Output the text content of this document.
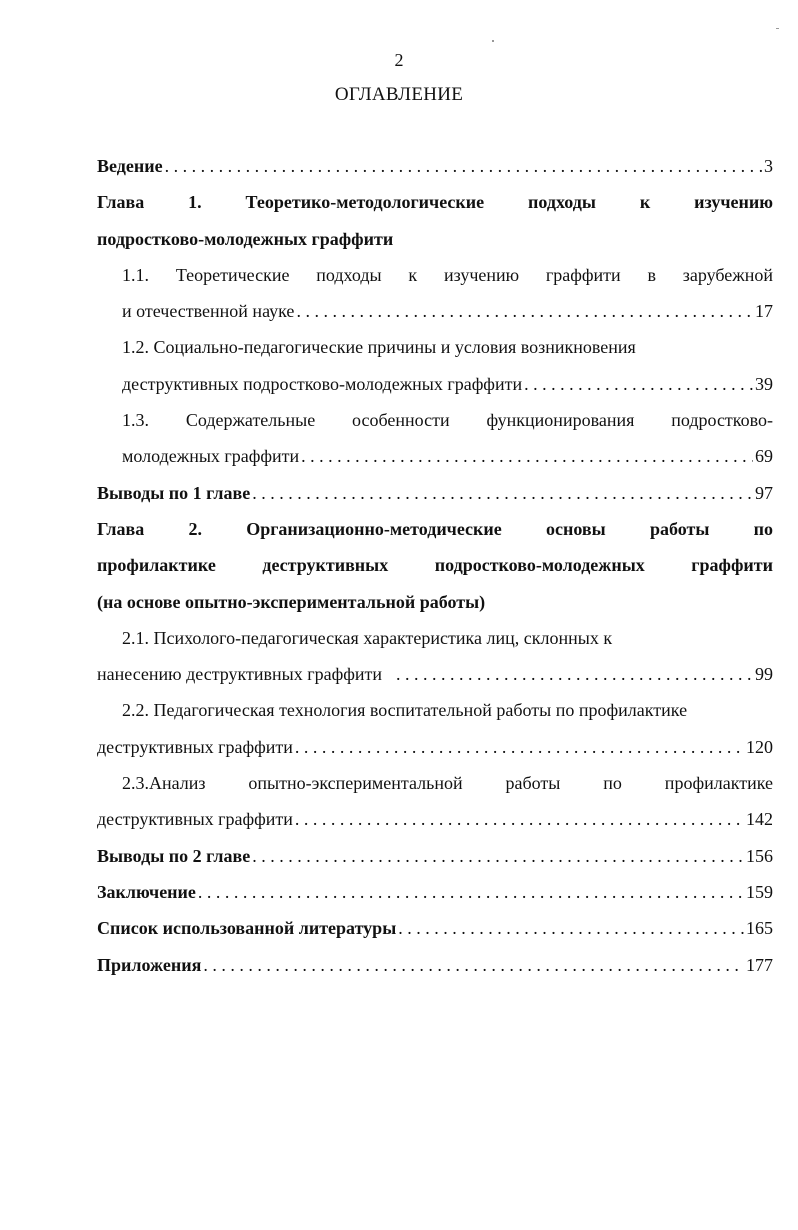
2
ОГЛАВЛЕНИЕ
Ведение . . .	3
Глава 1. Теоретико-методологические подходы к изучению
подростково-молодежных граффити
1.1. Теоретические подходы к изучению граффити в зарубежной
и отечественной науке . . .	17
1.2. Социально-педагогические причины и условия возникновения
деструктивных подростково-молодежных граффити . . .	39
1.3. Содержательные особенности функционирования подростково-
молодежных граффити . . .	69
Выводы по 1 главе . . .	97
Глава 2. Организационно-методические основы работы по
профилактике деструктивных подростково-молодежных граффити
(на основе опытно-экспериментальной работы)
2.1. Психолого-педагогическая характеристика лиц, склонных к
нанесению деструктивных граффити . . .	99
2.2. Педагогическая технология воспитательной работы по профилактике
деструктивных граффити . . .	120
2.3.Анализ опытно-экспериментальной работы по профилактике
деструктивных граффити . . .	142
Выводы по 2 главе . . .	156
Заключение . . .	159
Список использованной литературы . . .	165
Приложения . . .	177
